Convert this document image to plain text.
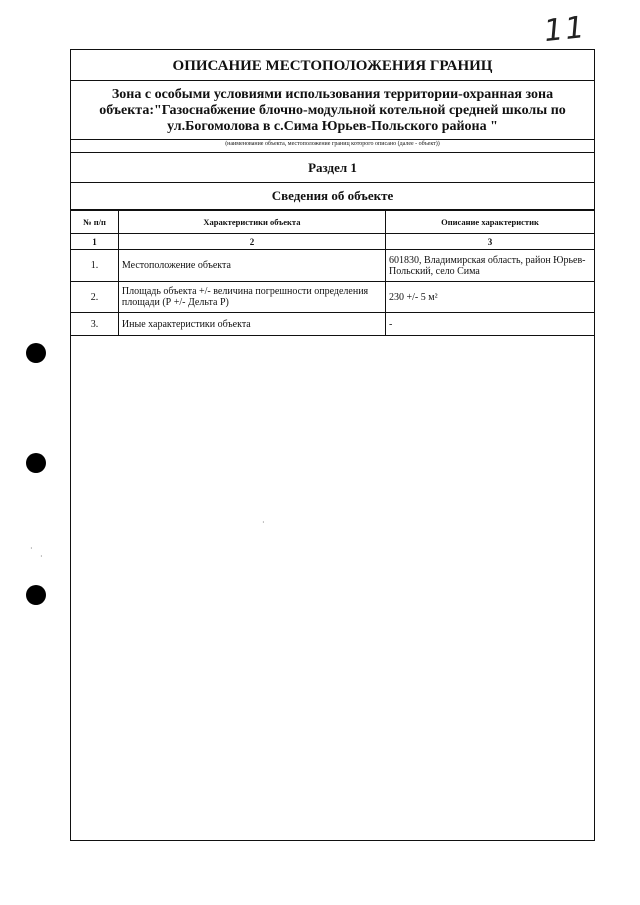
11
ОПИСАНИЕ МЕСТОПОЛОЖЕНИЯ ГРАНИЦ
Зона с особыми условиями использования территории-охранная зона объекта:"Газоснабжение блочно-модульной котельной средней школы по ул.Богомолова в с.Сима Юрьев-Польского района "
(наименование объекта, местоположение границ которого описано (далее - объект))
Раздел 1
Сведения об объекте
№ п/п	Характеристики объекта	Описание характеристик
1	2	3
1.	Местоположение объекта	601830, Владимирская область, район Юрьев-Польский, село Сима
2.	Площадь объекта +/- величина погрешности определения площади (Р +/- Дельта Р)	230 +/- 5 м²
3.	Иные характеристики объекта	-
·
·
·
